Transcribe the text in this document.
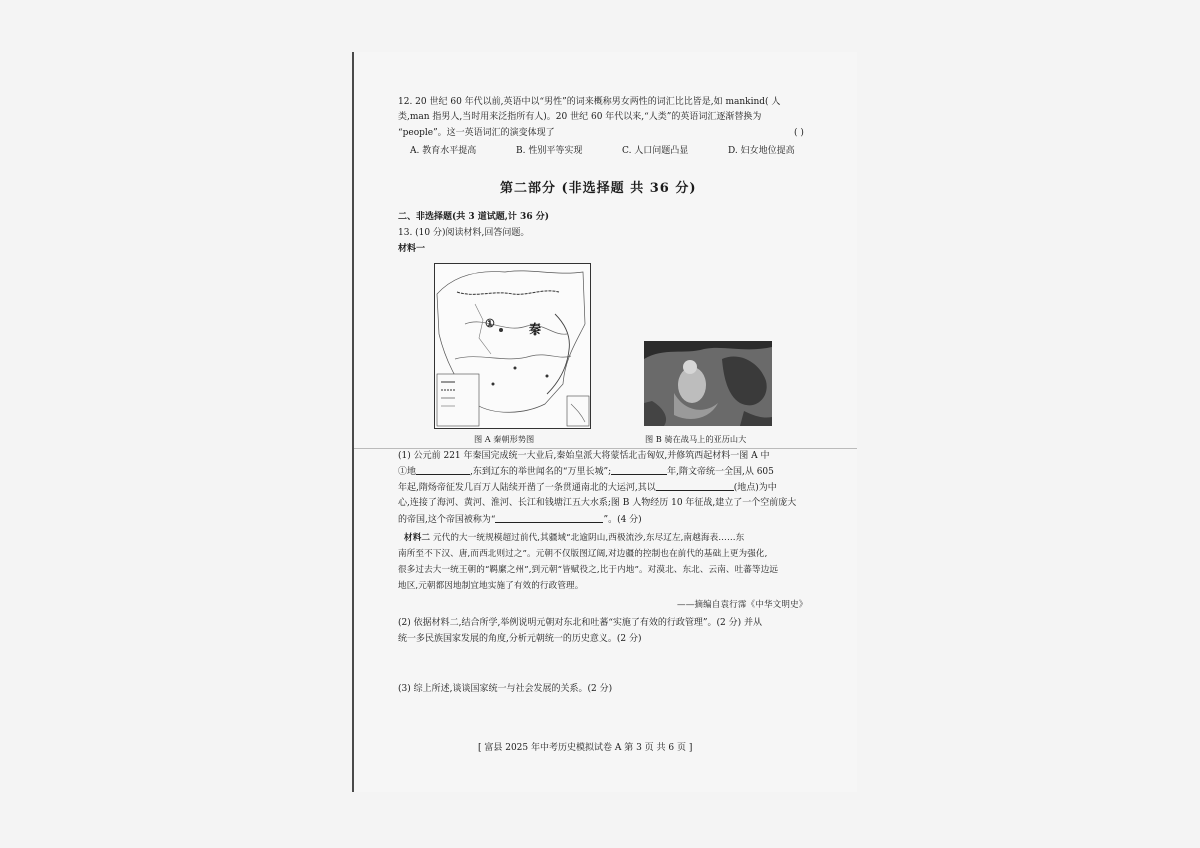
12. 20 世纪 60 年代以前,英语中以“男性”的词来概称男女两性的词汇比比皆是,如 mankind( 人
类,man 指男人,当时用来泛指所有人)。20 世纪 60 年代以来,“人类”的英语词汇逐渐替换为
“people”。这一英语词汇的演变体现了	( )
A. 教育水平提高	B. 性别平等实现	C. 人口问题凸显	D. 妇女地位提高
第二部分 (非选择题 共 36 分)
二、非选择题(共 3 道试题,计 36 分)
13. (10 分)阅读材料,回答问题。
材料一
①	秦
图 A 秦朝形势图	图 B 骑在战马上的亚历山大
(1) 公元前 221 年秦国完成统一大业后,秦始皇派大将蒙恬北击匈奴,并修筑西起材料一图 A 中
①地	,东到辽东的举世闻名的“万里长城”;	年,隋文帝统一全国,从 605
年起,隋炀帝征发几百万人陆续开凿了一条贯通南北的大运河,其以	(地点)为中
心,连接了海河、黄河、淮河、长江和钱塘江五大水系;图 B 人物经历 10 年征战,建立了一个空前庞大
的帝国,这个帝国被称为“	”。(4 分)
材料二 元代的大一统规模超过前代,其疆域“北逾阴山,西极流沙,东尽辽左,南越海表……东
南所至不下汉、唐,而西北则过之”。元朝不仅版图辽阔,对边疆的控制也在前代的基础上更为强化,
很多过去大一统王朝的“羁縻之州”,到元朝“皆赋役之,比于内地”。对漠北、东北、云南、吐蕃等边远
地区,元朝都因地制宜地实施了有效的行政管理。
——摘编自袁行霈《中华文明史》
(2) 依据材料二,结合所学,举例说明元朝对东北和吐蕃“实施了有效的行政管理”。(2 分) 并从
统一多民族国家发展的角度,分析元朝统一的历史意义。(2 分)
(3) 综上所述,谈谈国家统一与社会发展的关系。(2 分)
[ 富县 2025 年中考历史模拟试卷 A 第 3 页 共 6 页 ]
